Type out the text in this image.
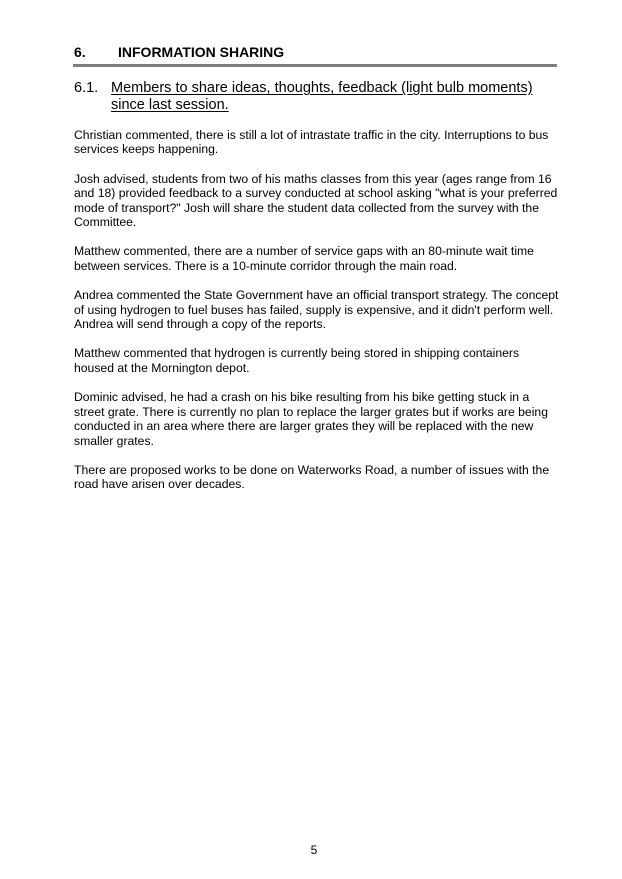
6.	INFORMATION SHARING
6.1. Members to share ideas, thoughts, feedback (light bulb moments) since last session.

Christian commented, there is still a lot of intrastate traffic in the city. Interruptions to bus services keeps happening.

Josh advised, students from two of his maths classes from this year (ages range from 16 and 18) provided feedback to a survey conducted at school asking "what is your preferred mode of transport?" Josh will share the student data collected from the survey with the Committee.

Matthew commented, there are a number of service gaps with an 80-minute wait time between services. There is a 10-minute corridor through the main road.

Andrea commented the State Government have an official transport strategy. The concept of using hydrogen to fuel buses has failed, supply is expensive, and it didn't perform well. Andrea will send through a copy of the reports.

Matthew commented that hydrogen is currently being stored in shipping containers housed at the Mornington depot.

Dominic advised, he had a crash on his bike resulting from his bike getting stuck in a street grate. There is currently no plan to replace the larger grates but if works are being conducted in an area where there are larger grates they will be replaced with the new smaller grates.

There are proposed works to be done on Waterworks Road, a number of issues with the road have arisen over decades.

5
